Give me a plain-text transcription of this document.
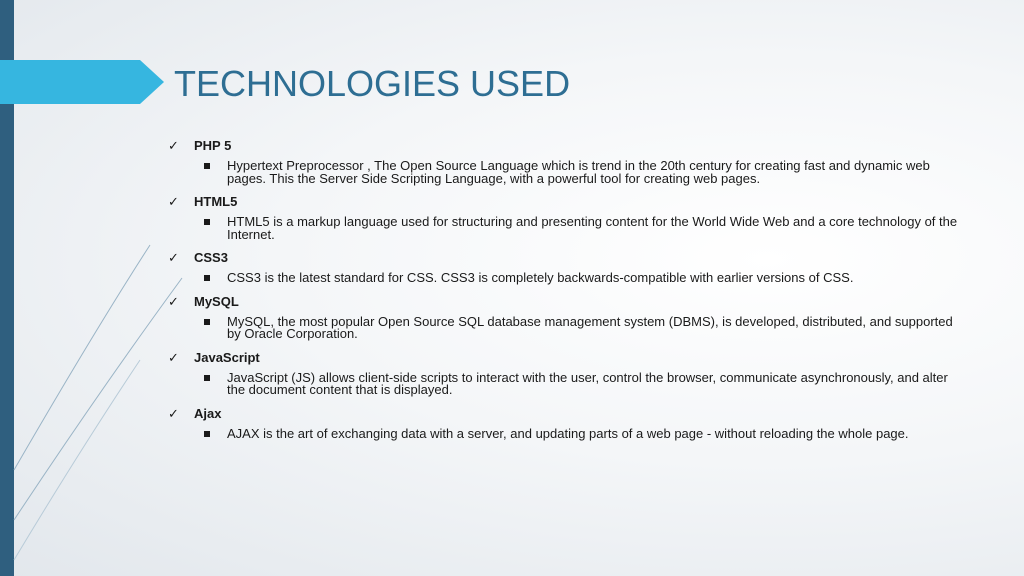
TECHNOLOGIES USED
✓	PHP 5
Hypertext Preprocessor , The Open Source Language which is trend in the 20th century for creating fast and dynamic web pages. This the Server Side Scripting Language, with a powerful tool for creating web pages.
✓	HTML5
HTML5 is a markup language used for structuring and presenting content for the World Wide Web and a core technology of the Internet.
✓	CSS3
CSS3 is the latest standard for CSS. CSS3 is completely backwards-compatible with earlier versions of CSS.
✓	MySQL
MySQL, the most popular Open Source SQL database management system (DBMS), is developed, distributed, and supported by Oracle Corporation.
✓	JavaScript
JavaScript (JS) allows client-side scripts to interact with the user, control the browser, communicate asynchronously, and alter the document content that is displayed.
✓	Ajax
AJAX is the art of exchanging data with a server, and updating parts of a web page - without reloading the whole page.
